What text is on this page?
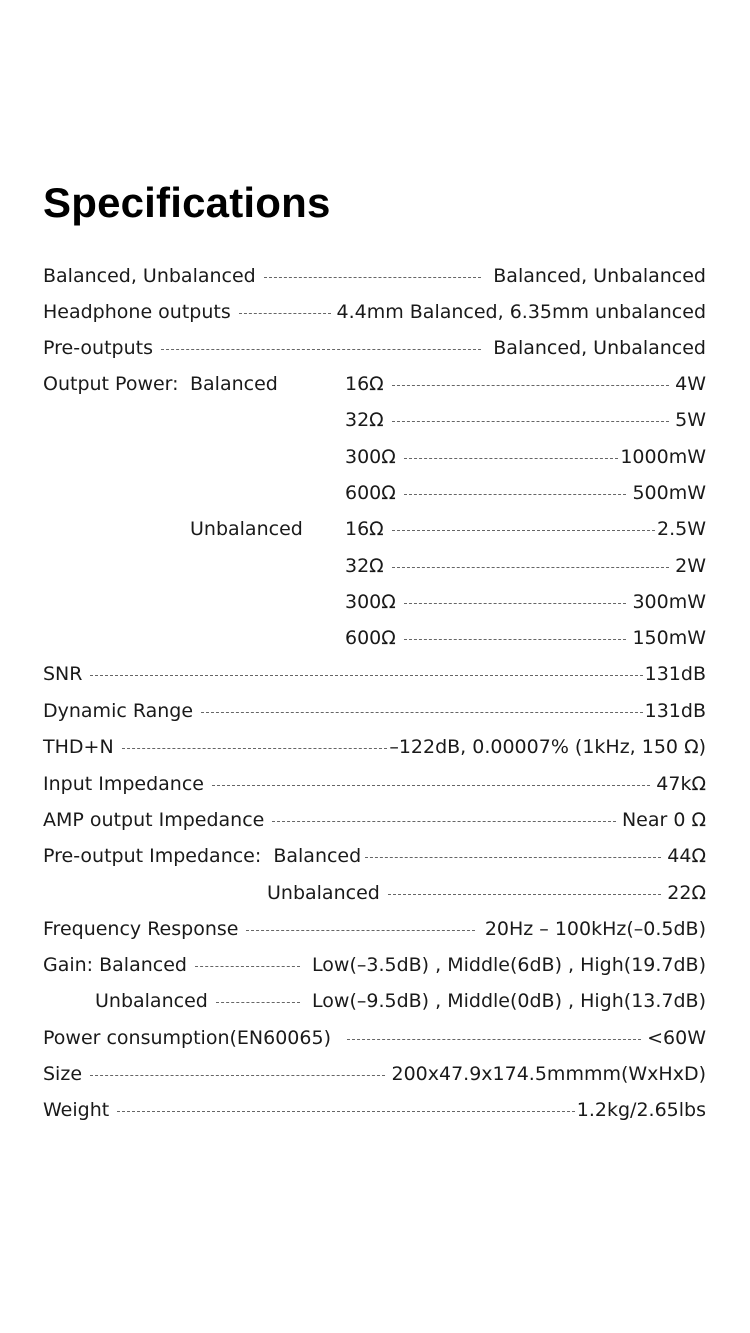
Specifications
Balanced, Unbalanced	Balanced, Unbalanced
Headphone outputs	4.4mm Balanced, 6.35mm unbalanced
Pre-outputs	Balanced, Unbalanced
Output Power: Balanced	16Ω	4W
32Ω	5W
300Ω	1000mW
600Ω	500mW
Unbalanced 16Ω	2.5W
32Ω	2W
300Ω	300mW
600Ω	150mW
SNR	131dB
Dynamic Range	131dB
THD+N	–122dB, 0.00007% (1kHz, 150 Ω)
Input Impedance	47kΩ
AMP output Impedance	Near 0 Ω
Pre-output Impedance:  Balanced	44Ω
Unbalanced	22Ω
Frequency Response	20Hz – 100kHz(–0.5dB)
Gain: Balanced	Low(–3.5dB) , Middle(6dB) , High(19.7dB)
Unbalanced	Low(–9.5dB) , Middle(0dB) , High(13.7dB)
Power consumption(EN60065)	<60W
Size	200x47.9x174.5mmmm(WxHxD)
Weight	1.2kg/2.65lbs
